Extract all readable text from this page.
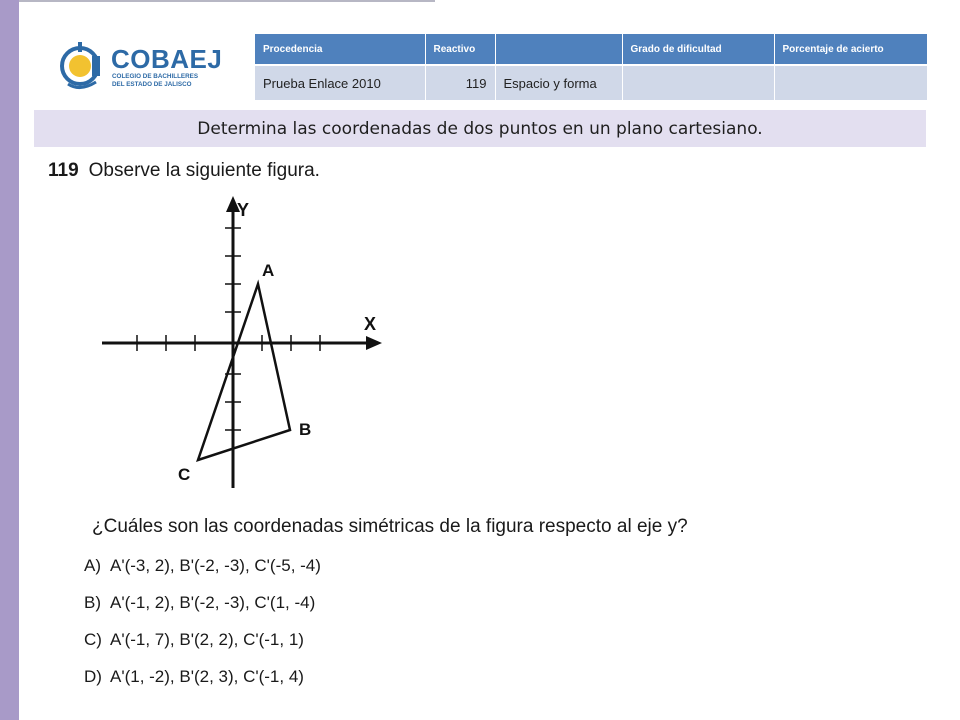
COBAEJ
COLEGIO DE BACHILLERES
DEL ESTADO DE JALISCO
Procedencia	Reactivo		Grado de dificultad	Porcentaje de acierto
Prueba Enlace 2010	119	Espacio y forma		
Determina las coordenadas de dos puntos en un plano cartesiano.
119 Observe la siguiente figura.
X
Y
A
B
C
¿Cuáles son las coordenadas simétricas de la figura respecto al eje y?
A) A'(-3, 2), B'(-2, -3), C'(-5, -4)
B) A'(-1, 2), B'(-2, -3), C'(1, -4)
C) A'(-1, 7), B'(2, 2), C'(-1, 1)
D) A'(1, -2), B'(2, 3), C'(-1, 4)
